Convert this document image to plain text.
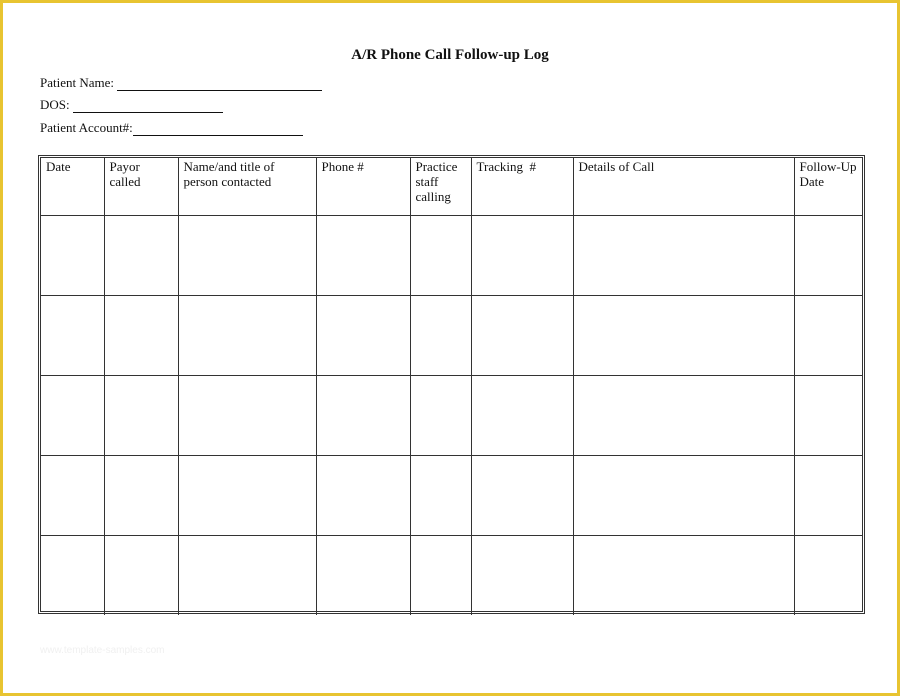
A/R Phone Call Follow-up Log
Patient Name:
DOS:
Patient Account#:
Date	Payor called	Name/and title of person contacted	Phone #	Practice staff calling	Tracking  #	Details of Call	Follow-Up Date

www.template-samples.com
